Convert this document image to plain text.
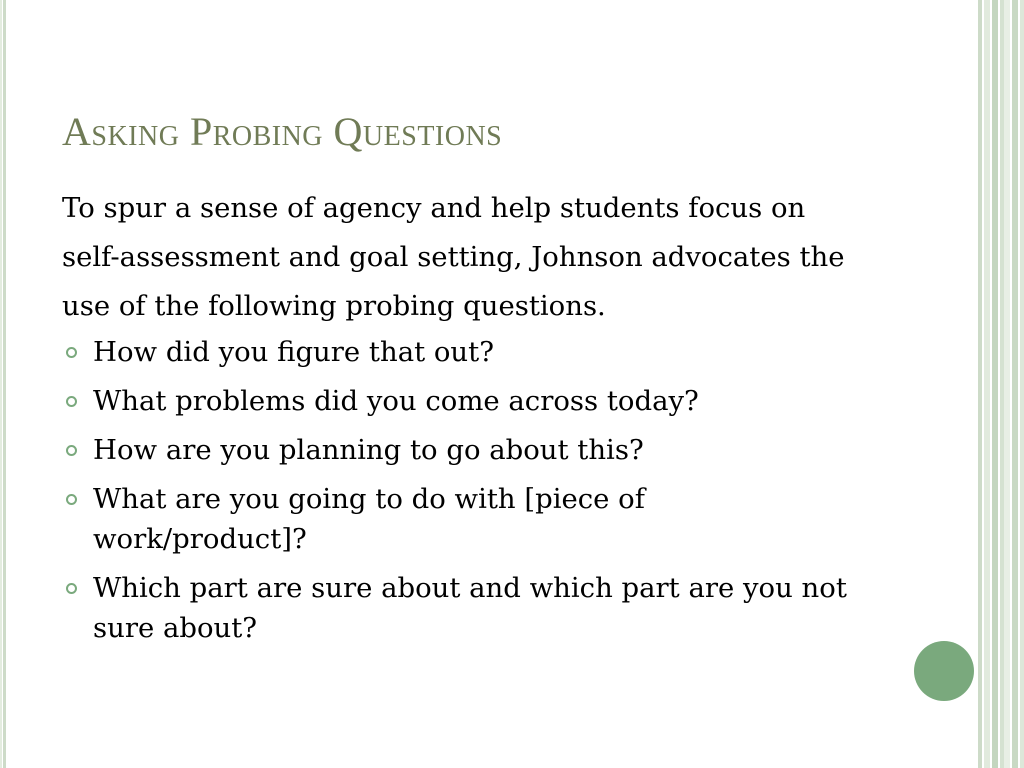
Asking Probing Questions

To spur a sense of agency and help students focus on self-assessment and goal setting, Johnson advocates the use of the following probing questions.

How did you figure that out?
What problems did you come across today?
How are you planning to go about this?
What are you going to do with [piece of work/product]?
Which part are sure about and which part are you not sure about?
